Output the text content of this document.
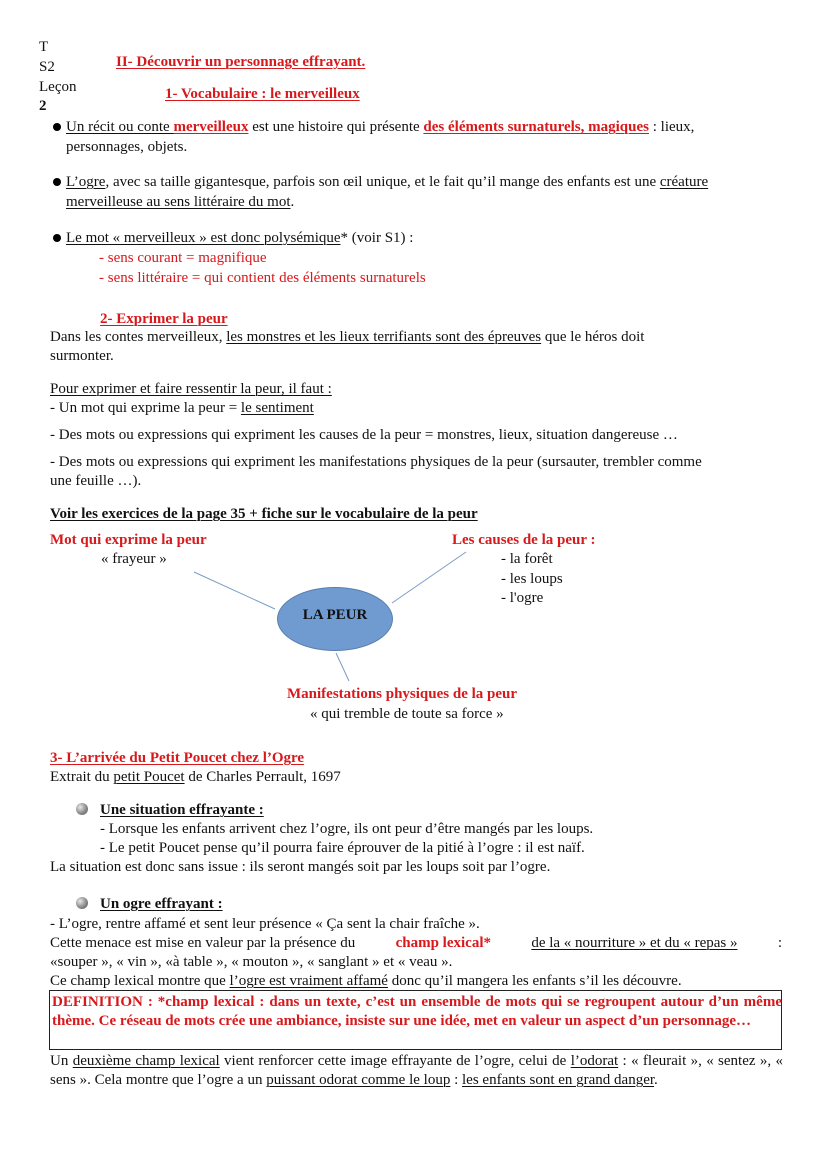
T
S2
Leçon
2
II- Découvrir un personnage effrayant.
1- Vocabulaire : le merveilleux
Un récit ou conte merveilleux est une histoire qui présente des éléments surnaturels, magiques : lieux,
personnages, objets.
L’ogre, avec sa taille gigantesque, parfois son œil unique, et le fait qu’il mange des enfants est une créature
merveilleuse au sens littéraire du mot.
Le mot « merveilleux » est donc polysémique* (voir S1) :
- sens courant = magnifique
- sens littéraire = qui contient des éléments surnaturels
2- Exprimer la peur
Dans les contes merveilleux, les monstres et les lieux terrifiants sont des épreuves que le héros doit
surmonter.
Pour exprimer et faire ressentir la peur, il faut :
- Un mot qui exprime la peur = le sentiment
- Des mots ou expressions qui expriment les causes de la peur = monstres, lieux, situation dangereuse …
- Des mots ou expressions qui expriment les manifestations physiques de la peur (sursauter, trembler comme
une feuille …).
Voir les exercices de la page 35 + fiche sur le vocabulaire de la peur
LA PEUR
Mot qui exprime la peur
« frayeur »
Les causes de la peur :
- la forêt
- les loups
- l'ogre
Manifestations physiques de la peur
« qui tremble de toute sa force »
3- L’arrivée du Petit Poucet chez l’Ogre
Extrait du petit Poucet de Charles Perrault, 1697
Une situation effrayante :
- Lorsque les enfants arrivent chez l’ogre, ils ont peur d’être mangés par les loups.
- Le petit Poucet pense qu’il pourra faire éprouver de la pitié à l’ogre : il est naïf.
La situation est donc sans issue : ils seront mangés soit par les loups soit par l’ogre.
Un ogre effrayant :
- L’ogre, rentre affamé et sent leur présence « Ça sent la chair fraîche ».
Cette menace est mise en valeur par la présence du	champ lexical*	de la « nourriture » et du « repas »	:
«souper », « vin », «à table », « mouton », « sanglant » et « veau ».
Ce champ lexical montre que l’ogre est vraiment affamé donc qu’il mangera les enfants s’il les découvre.
DEFINITION : *champ lexical : dans un texte, c’est un ensemble de mots qui se regroupent autour d’un même thème. Ce réseau de mots crée une ambiance, insiste sur une idée, met en valeur un aspect d’un personnage…
Un deuxième champ lexical vient renforcer cette image effrayante de l’ogre, celui de l’odorat : « fleurait », « sentez », « sens ». Cela montre que l’ogre a un puissant odorat comme le loup : les enfants sont en grand danger.
